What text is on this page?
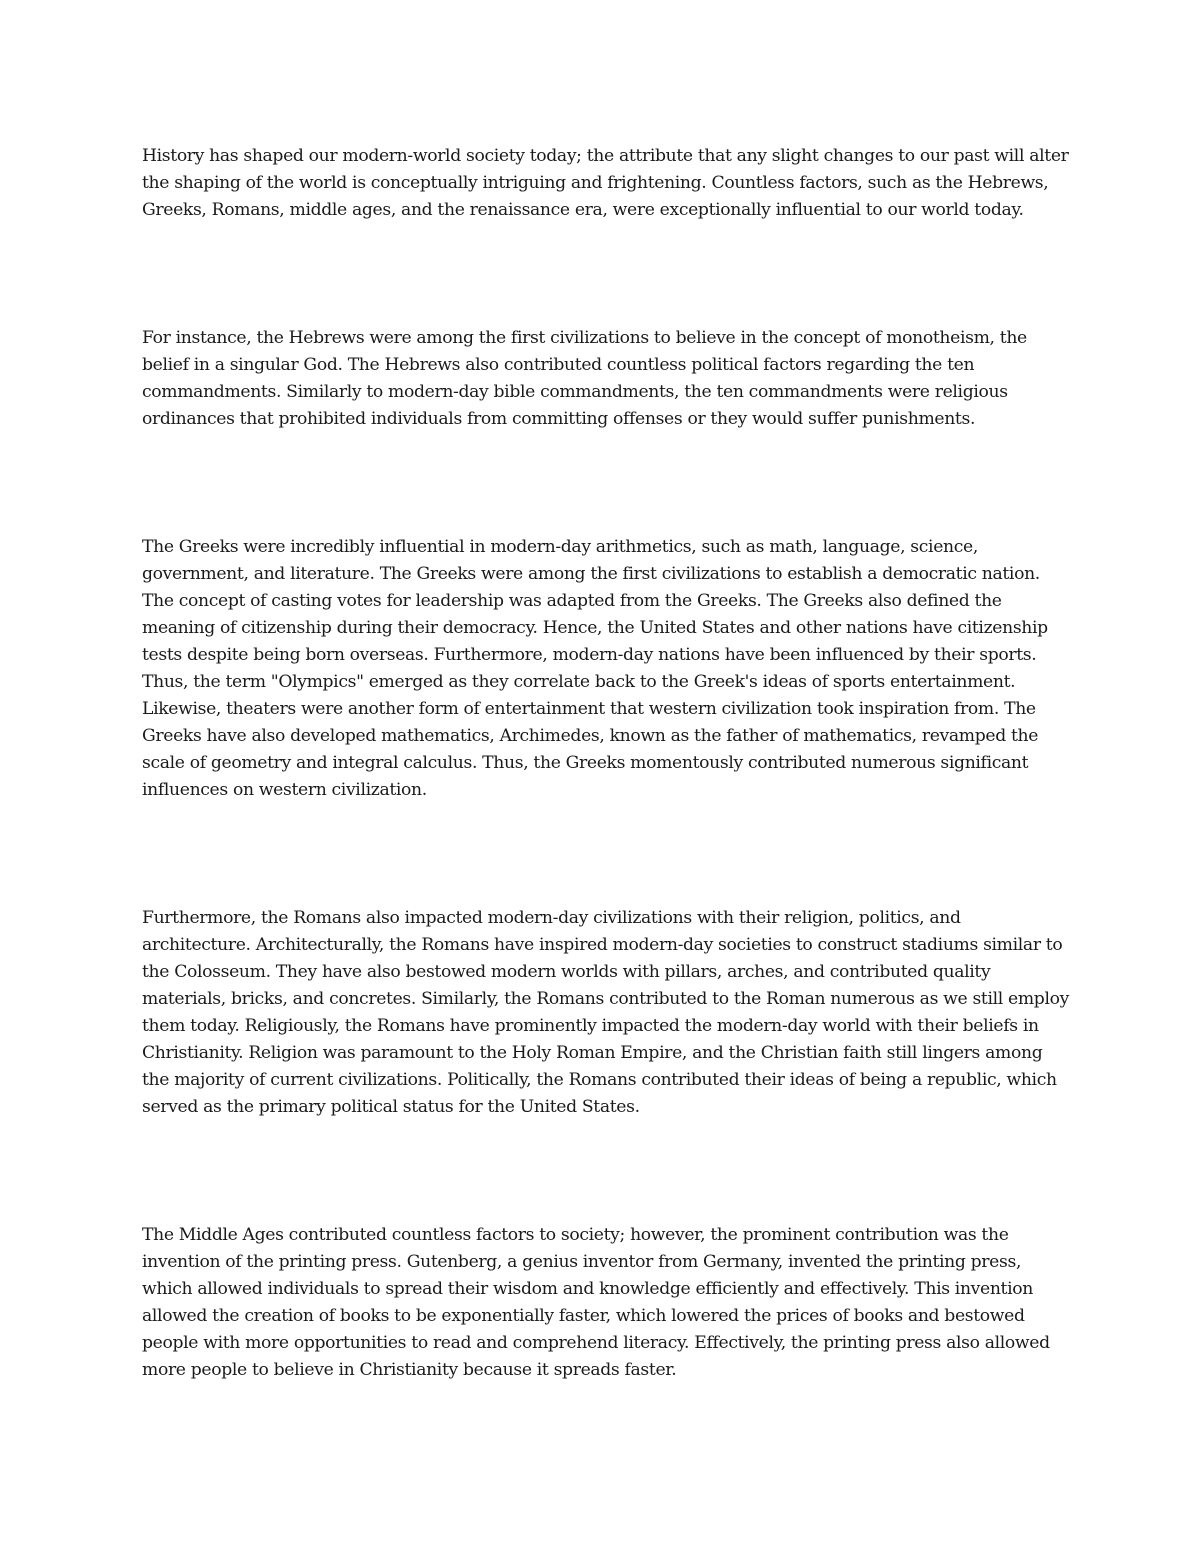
History has shaped our modern-world society today; the attribute that any slight changes to our past will alter the shaping of the world is conceptually intriguing and frightening. Countless factors, such as the Hebrews, Greeks, Romans, middle ages, and the renaissance era, were exceptionally influential to our world today.

For instance, the Hebrews were among the first civilizations to believe in the concept of monotheism, the belief in a singular God. The Hebrews also contributed countless political factors regarding the ten commandments. Similarly to modern-day bible commandments, the ten commandments were religious ordinances that prohibited individuals from committing offenses or they would suffer punishments.

The Greeks were incredibly influential in modern-day arithmetics, such as math, language, science, government, and literature. The Greeks were among the first civilizations to establish a democratic nation. The concept of casting votes for leadership was adapted from the Greeks. The Greeks also defined the meaning of citizenship during their democracy. Hence, the United States and other nations have citizenship tests despite being born overseas. Furthermore, modern-day nations have been influenced by their sports. Thus, the term "Olympics" emerged as they correlate back to the Greek's ideas of sports entertainment. Likewise, theaters were another form of entertainment that western civilization took inspiration from. The Greeks have also developed mathematics, Archimedes, known as the father of mathematics, revamped the scale of geometry and integral calculus. Thus, the Greeks momentously contributed numerous significant influences on western civilization.

Furthermore, the Romans also impacted modern-day civilizations with their religion, politics, and architecture. Architecturally, the Romans have inspired modern-day societies to construct stadiums similar to the Colosseum. They have also bestowed modern worlds with pillars, arches, and contributed quality materials, bricks, and concretes. Similarly, the Romans contributed to the Roman numerous as we still employ them today. Religiously, the Romans have prominently impacted the modern-day world with their beliefs in Christianity. Religion was paramount to the Holy Roman Empire, and the Christian faith still lingers among the majority of current civilizations. Politically, the Romans contributed their ideas of being a republic, which served as the primary political status for the United States.

The Middle Ages contributed countless factors to society; however, the prominent contribution was the invention of the printing press. Gutenberg, a genius inventor from Germany, invented the printing press, which allowed individuals to spread their wisdom and knowledge efficiently and effectively. This invention allowed the creation of books to be exponentially faster, which lowered the prices of books and bestowed people with more opportunities to read and comprehend literacy. Effectively, the printing press also allowed more people to believe in Christianity because it spreads faster.
